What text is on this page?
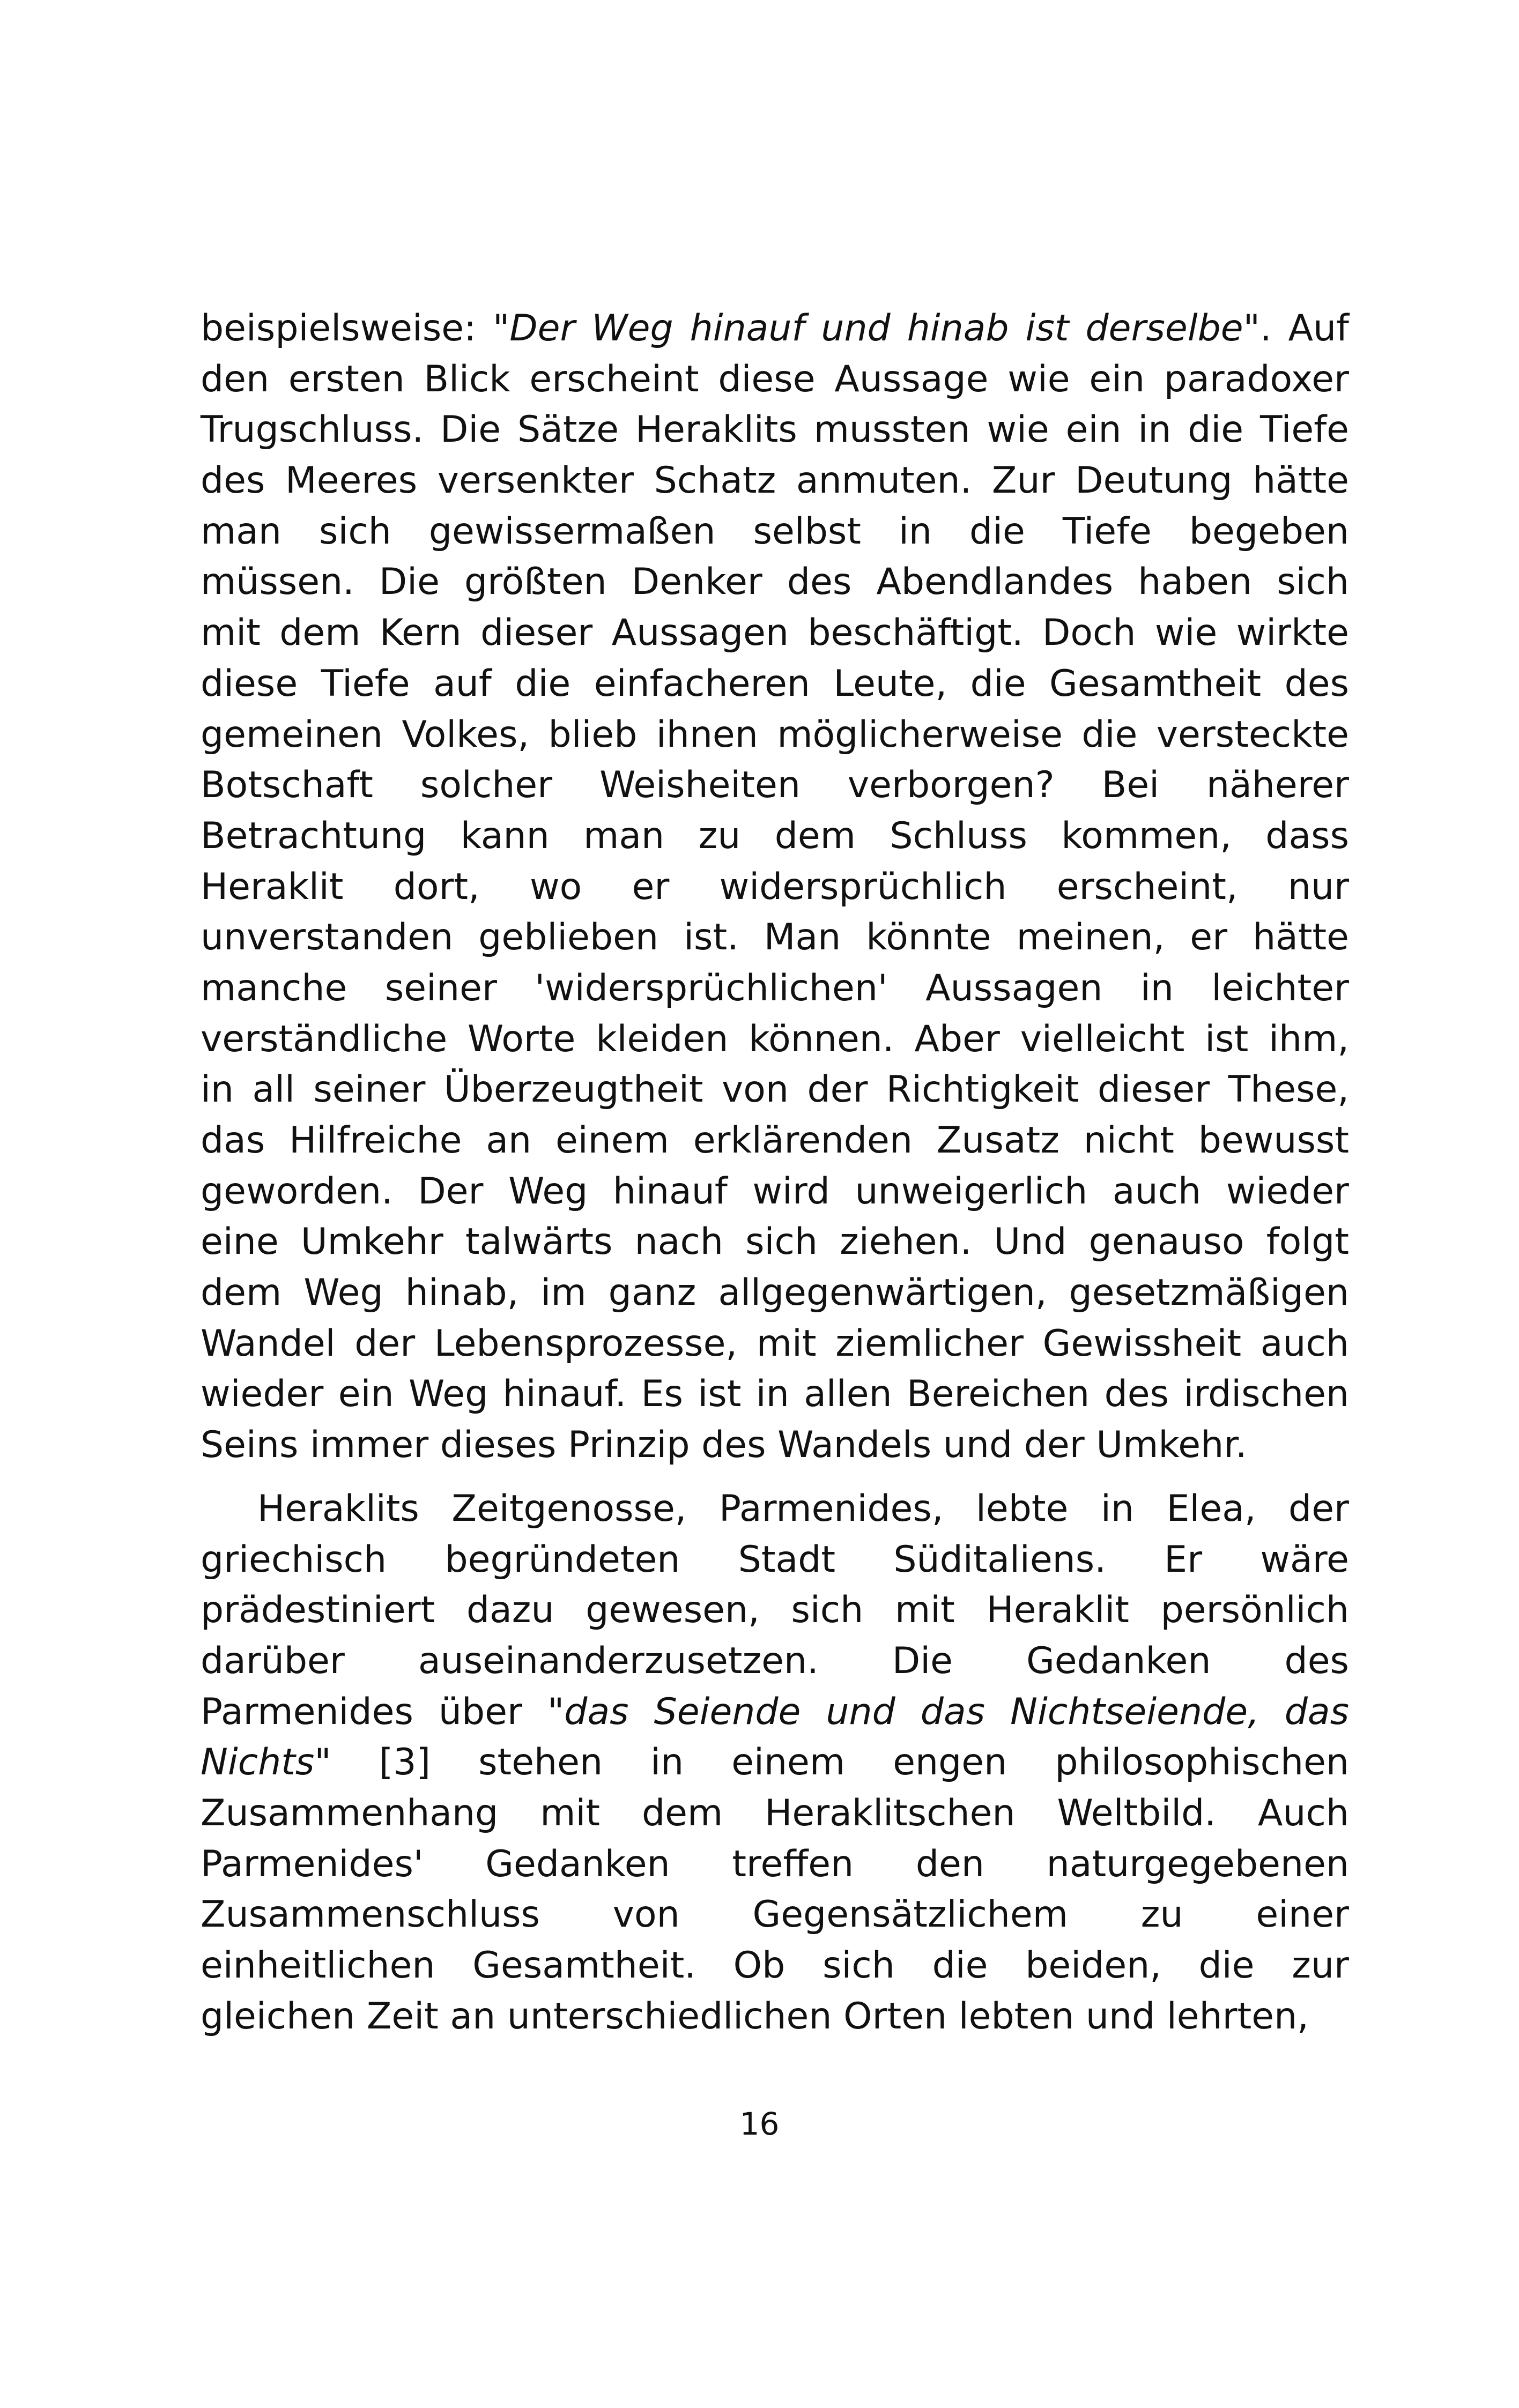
beispielsweise: "Der Weg hinauf und hinab ist derselbe". Auf
den ersten Blick erscheint diese Aussage wie ein paradoxer
Trugschluss. Die Sätze Heraklits mussten wie ein in die Tiefe
des Meeres versenkter Schatz anmuten. Zur Deutung hätte
man sich gewissermaßen selbst in die Tiefe begeben
müssen. Die größten Denker des Abendlandes haben sich
mit dem Kern dieser Aussagen beschäftigt. Doch wie wirkte
diese Tiefe auf die einfacheren Leute, die Gesamtheit des
gemeinen Volkes, blieb ihnen möglicherweise die versteckte
Botschaft solcher Weisheiten verborgen? Bei näherer
Betrachtung kann man zu dem Schluss kommen, dass
Heraklit dort, wo er widersprüchlich erscheint, nur
unverstanden geblieben ist. Man könnte meinen, er hätte
manche seiner 'widersprüchlichen' Aussagen in leichter
verständliche Worte kleiden können. Aber vielleicht ist ihm,
in all seiner Überzeugtheit von der Richtigkeit dieser These,
das Hilfreiche an einem erklärenden Zusatz nicht bewusst
geworden. Der Weg hinauf wird unweigerlich auch wieder
eine Umkehr talwärts nach sich ziehen. Und genauso folgt
dem Weg hinab, im ganz allgegenwärtigen, gesetzmäßigen
Wandel der Lebensprozesse, mit ziemlicher Gewissheit auch
wieder ein Weg hinauf. Es ist in allen Bereichen des irdischen
Seins immer dieses Prinzip des Wandels und der Umkehr.
Heraklits Zeitgenosse, Parmenides, lebte in Elea, der
griechisch begründeten Stadt Süditaliens. Er wäre
prädestiniert dazu gewesen, sich mit Heraklit persönlich
darüber auseinanderzusetzen. Die Gedanken des
Parmenides über "das Seiende und das Nichtseiende, das
Nichts" [3] stehen in einem engen philosophischen
Zusammenhang mit dem Heraklitschen Weltbild. Auch
Parmenides' Gedanken treffen den naturgegebenen
Zusammenschluss von Gegensätzlichem zu einer
einheitlichen Gesamtheit. Ob sich die beiden, die zur
gleichen Zeit an unterschiedlichen Orten lebten und lehrten,
16
